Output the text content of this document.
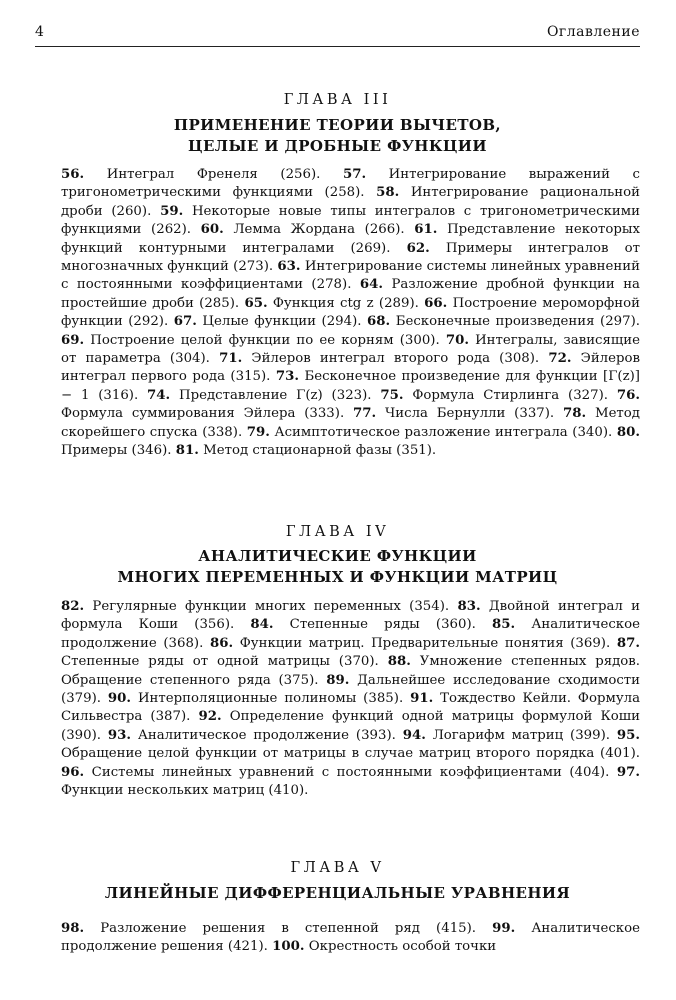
4	Оглавление
ГЛАВА III
ПРИМЕНЕНИЕ ТЕОРИИ ВЫЧЕТОВ,
ЦЕЛЫЕ И ДРОБНЫЕ ФУНКЦИИ
56. Интеграл Френеля (256). 57. Интегрирование выражений с тригонометрическими функциями (258). 58. Интегрирование рациональной дроби (260). 59. Некоторые новые типы интегралов с тригонометрическими функциями (262). 60. Лемма Жордана (266). 61. Представление некоторых функций контурными интегралами (269). 62. Примеры интегралов от многозначных функций (273). 63. Интегрирование системы линейных уравнений с постоянными коэффициентами (278). 64. Разложение дробной функции на простейшие дроби (285). 65. Функция ctg z (289). 66. Построение мероморфной функции (292). 67. Целые функции (294). 68. Бесконечные произведения (297). 69. Построение целой функции по ее корням (300). 70. Интегралы, зависящие от параметра (304). 71. Эйлеров интеграл второго рода (308). 72. Эйлеров интеграл первого рода (315). 73. Бесконечное произведение для функции [Γ(z)] − 1 (316). 74. Представление Γ(z) (323). 75. Формула Стирлинга (327). 76. Формула суммирования Эйлера (333). 77. Числа Бернулли (337). 78. Метод скорейшего спуска (338). 79. Асимптотическое разложение интеграла (340). 80. Примеры (346). 81. Метод стационарной фазы (351).
ГЛАВА IV
АНАЛИТИЧЕСКИЕ ФУНКЦИИ
МНОГИХ ПЕРЕМЕННЫХ И ФУНКЦИИ МАТРИЦ
82. Регулярные функции многих переменных (354). 83. Двойной интеграл и формула Коши (356). 84. Степенные ряды (360). 85. Аналитическое продолжение (368). 86. Функции матриц. Предварительные понятия (369). 87. Степенные ряды от одной матрицы (370). 88. Умножение степенных рядов. Обращение степенного ряда (375). 89. Дальнейшее исследование сходимости (379). 90. Интерполяционные полиномы (385). 91. Тождество Кейли. Формула Сильвестра (387). 92. Определение функций одной матрицы формулой Коши (390). 93. Аналитическое продолжение (393). 94. Логарифм матриц (399). 95. Обращение целой функции от матрицы в случае матриц второго порядка (401). 96. Системы линейных уравнений с постоянными коэффициентами (404). 97. Функции нескольких матриц (410).
ГЛАВА V
ЛИНЕЙНЫЕ ДИФФЕРЕНЦИАЛЬНЫЕ УРАВНЕНИЯ
98. Разложение решения в степенной ряд (415). 99. Аналитическое продолжение решения (421). 100. Окрестность особой точки
